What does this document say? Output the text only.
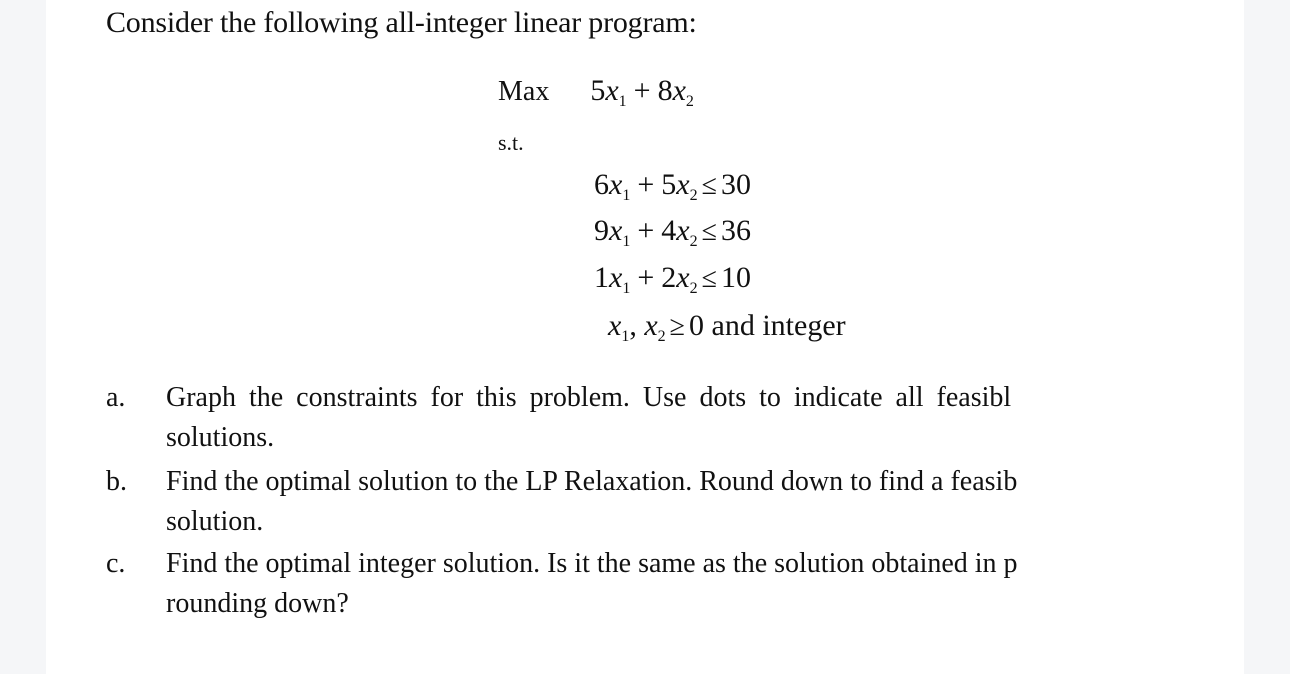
Consider the following all-integer linear program:
Max $5x_1 + 8x_2$
s.t.
$6x_1 + 5x_2 \le 30$
$9x_1 + 4x_2 \le 36$
$1x_1 + 2x_2 \le 10$
$x_1$, $x_2 \ge 0$ and integer
a.	Graph the constraints for this problem. Use dots to indicate all feasibl
solutions.
b.	Find the optimal solution to the LP Relaxation. Round down to find a feasib
solution.
c.	Find the optimal integer solution. Is it the same as the solution obtained in p
rounding down?
